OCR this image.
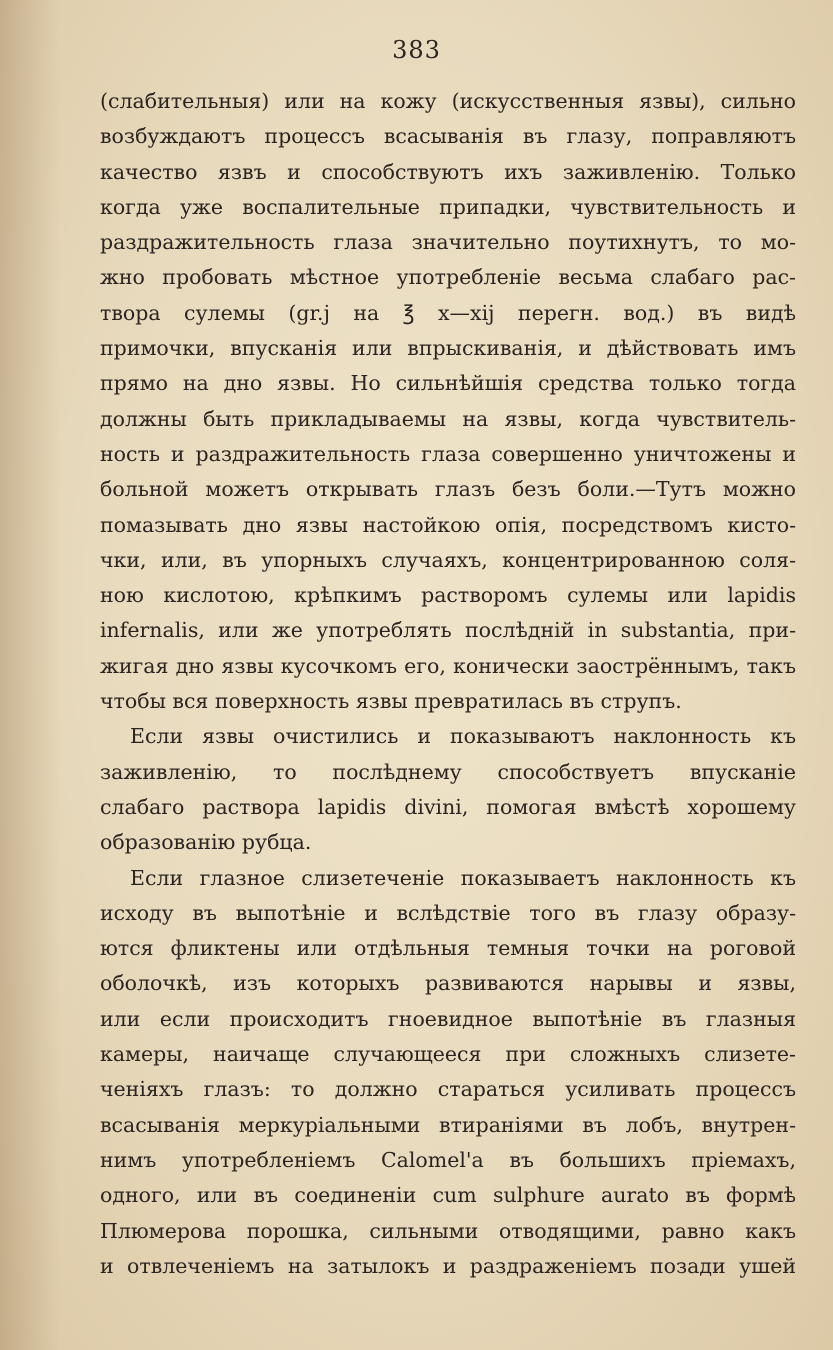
383
(слабительныя) или на кожу (искусственныя язвы), сильно
возбуждаютъ процессъ всасыванія въ глазу, поправляютъ
качество язвъ и способствуютъ ихъ заживленію. Только
когда уже воспалительные припадки, чувствительность и
раздражительность глаза значительно поутихнутъ, то мо-
жно пробовать мѣстное употребленіе весьма слабаго рас-
твора сулемы (gr.j на ℥ x—xij перегн. вод.) въ видѣ
примочки, впусканія или впрыскиванія, и дѣйствовать имъ
прямо на дно язвы. Но сильнѣйшія средства только тогда
должны быть прикладываемы на язвы, когда чувствитель-
ность и раздражительность глаза совершенно уничтожены и
больной можетъ открывать глазъ безъ боли.—Тутъ можно
помазывать дно язвы настойкою опія, посредствомъ кисто-
чки, или, въ упорныхъ случаяхъ, концентрированною соля-
ною кислотою, крѣпкимъ растворомъ сулемы или lapidis
infernalis, или же употреблять послѣдній in substantia, при-
жигая дно язвы кусочкомъ его, конически заострённымъ, такъ
чтобы вся поверхность язвы превратилась въ струпъ.
Если язвы очистились и показываютъ наклонность къ
заживленію, то послѣднему способствуетъ впусканіе
слабаго раствора lapidis divini, помогая вмѣстѣ хорошему
образованію рубца.
Если глазное слизетеченіе показываетъ наклонность къ
исходу въ выпотѣніе и вслѣдствіе того въ глазу образу-
ются фликтены или отдѣльныя темныя точки на роговой
оболочкѣ, изъ которыхъ развиваются нарывы и язвы,
или если происходитъ гноевидное выпотѣніе въ глазныя
камеры, наичаще случающееся при сложныхъ слизете-
ченіяхъ глазъ: то должно стараться усиливать процессъ
всасыванія меркуріальными втираніями въ лобъ, внутрен-
нимъ употребленіемъ Calomel'a въ большихъ пріемахъ,
одного, или въ соединеніи cum sulphure aurato въ формѣ
Плюмерова порошка, сильными отводящими, равно какъ
и отвлеченіемъ на затылокъ и раздраженіемъ позади ушей
